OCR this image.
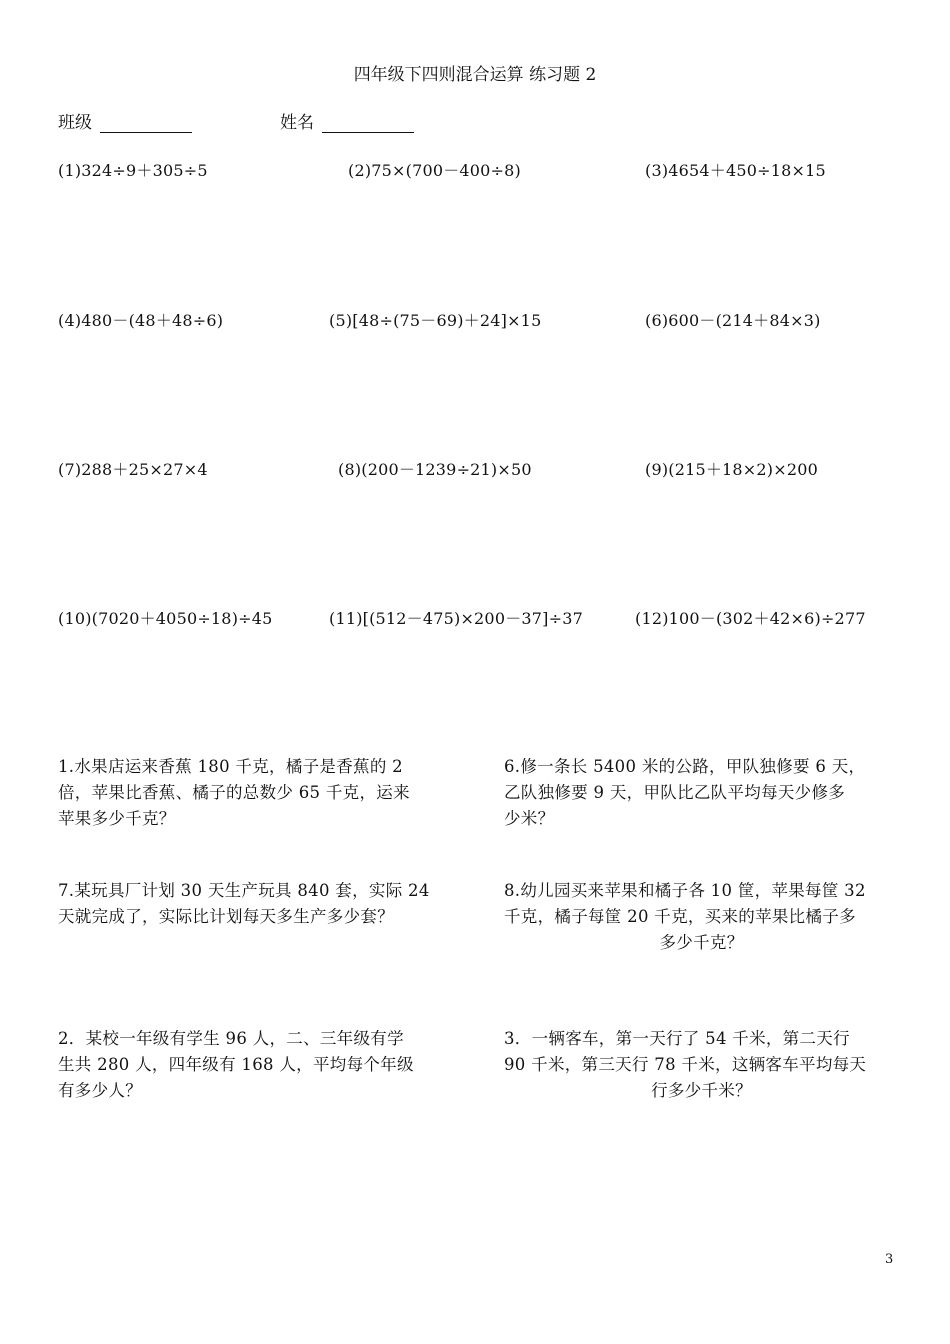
四年级下四则混合运算 练习题 2
班级	姓名
(1)324÷9＋305÷5	(2)75×(700－400÷8)	(3)4654＋450÷18×15
(4)480－(48＋48÷6)	(5)[48÷(75－69)＋24]×15	(6)600－(214＋84×3)
(7)288＋25×27×4	(8)(200－1239÷21)×50	(9)(215＋18×2)×200
(10)(7020＋4050÷18)÷45	(11)[(512－475)×200－37]÷37	(12)100－(302＋42×6)÷277
1.水果店运来香蕉 180 千克，橘子是香蕉的 2
倍，苹果比香蕉、橘子的总数少 65 千克，运来
苹果多少千克？
6.修一条长 5400 米的公路，甲队独修要 6 天，
乙队独修要 9 天，甲队比乙队平均每天少修多
少米？
7.某玩具厂计划 30 天生产玩具 840 套，实际 24
天就完成了，实际比计划每天多生产多少套？
8.幼儿园买来苹果和橘子各 10 筐，苹果每筐 32
千克，橘子每筐 20 千克，买来的苹果比橘子多
多少千克？
2．某校一年级有学生 96 人，二、三年级有学
生共 280 人，四年级有 168 人，平均每个年级
有多少人？
3．一辆客车，第一天行了 54 千米，第二天行
90 千米，第三天行 78 千米，这辆客车平均每天
行多少千米？
3
